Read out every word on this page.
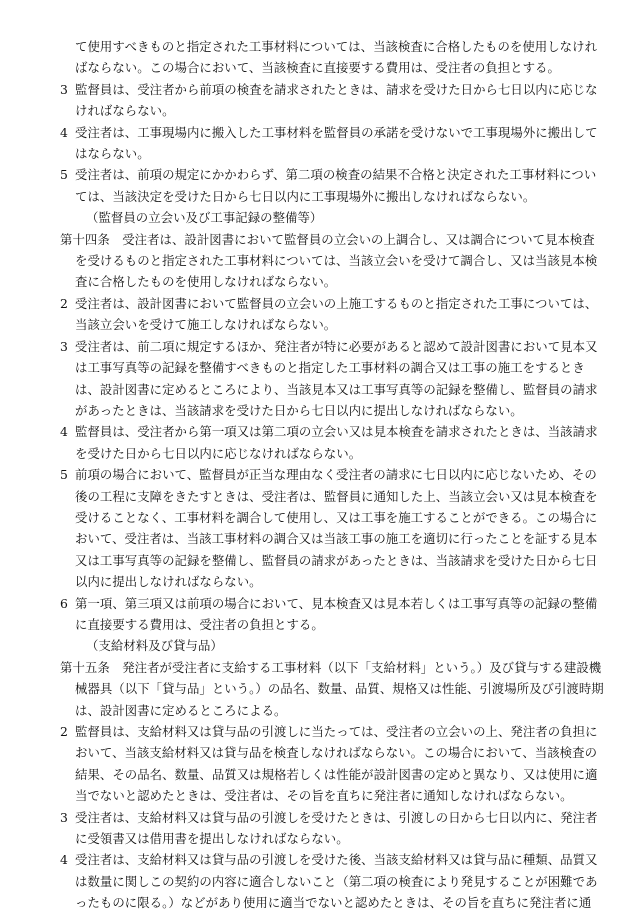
て使用すべきものと指定された工事材料については、当該検査に合格したものを使用しなければならない。この場合において、当該検査に直接要する費用は、受注者の負担とする。

3 監督員は、受注者から前項の検査を請求されたときは、請求を受けた日から七日以内に応じなければならない。

4 受注者は、工事現場内に搬入した工事材料を監督員の承諾を受けないで工事現場外に搬出してはならない。

5 受注者は、前項の規定にかかわらず、第二項の検査の結果不合格と決定された工事材料については、当該決定を受けた日から七日以内に工事現場外に搬出しなければならない。

（監督員の立会い及び工事記録の整備等）

第十四条　 受注者は、設計図書において監督員の立会いの上調合し、又は調合について見本検査を受けるものと指定された工事材料については、当該立会いを受けて調合し、又は当該見本検査に合格したものを使用しなければならない。

2 受注者は、設計図書において監督員の立会いの上施工するものと指定された工事については、当該立会いを受けて施工しなければならない。

3 受注者は、前二項に規定するほか、発注者が特に必要があると認めて設計図書において見本又は工事写真等の記録を整備すべきものと指定した工事材料の調合又は工事の施工をするときは、設計図書に定めるところにより、当該見本又は工事写真等の記録を整備し、監督員の請求があったときは、当該請求を受けた日から七日以内に提出しなければならない。

4 監督員は、受注者から第一項又は第二項の立会い又は見本検査を請求されたときは、当該請求を受けた日から七日以内に応じなければならない。

5 前項の場合において、監督員が正当な理由なく受注者の請求に七日以内に応じないため、その後の工程に支障をきたすときは、受注者は、監督員に通知した上、当該立会い又は見本検査を受けることなく、工事材料を調合して使用し、又は工事を施工することができる。この場合において、受注者は、当該工事材料の調合又は当該工事の施工を適切に行ったことを証する見本又は工事写真等の記録を整備し、監督員の請求があったときは、当該請求を受けた日から七日以内に提出しなければならない。

6 第一項、第三項又は前項の場合において、見本検査又は見本若しくは工事写真等の記録の整備に直接要する費用は、受注者の負担とする。

（支給材料及び貸与品）

第十五条　 発注者が受注者に支給する工事材料（以下「支給材料」という。）及び貸与する建設機械器具（以下「貸与品」という。）の品名、数量、品質、規格又は性能、引渡場所及び引渡時期は、設計図書に定めるところによる。

2 監督員は、支給材料又は貸与品の引渡しに当たっては、受注者の立会いの上、発注者の負担において、当該支給材料又は貸与品を検査しなければならない。この場合において、当該検査の結果、その品名、数量、品質又は規格若しくは性能が設計図書の定めと異なり、又は使用に適当でないと認めたときは、受注者は、その旨を直ちに発注者に通知しなければならない。

3 受注者は、支給材料又は貸与品の引渡しを受けたときは、引渡しの日から七日以内に、発注者に受領書又は借用書を提出しなければならない。

4 受注者は、支給材料又は貸与品の引渡しを受けた後、当該支給材料又は貸与品に種類、品質又は数量に関しこの契約の内容に適合しないこと（第二項の検査により発見することが困難であったものに限る。）などがあり使用に適当でないと認めたときは、その旨を直ちに発注者に通
